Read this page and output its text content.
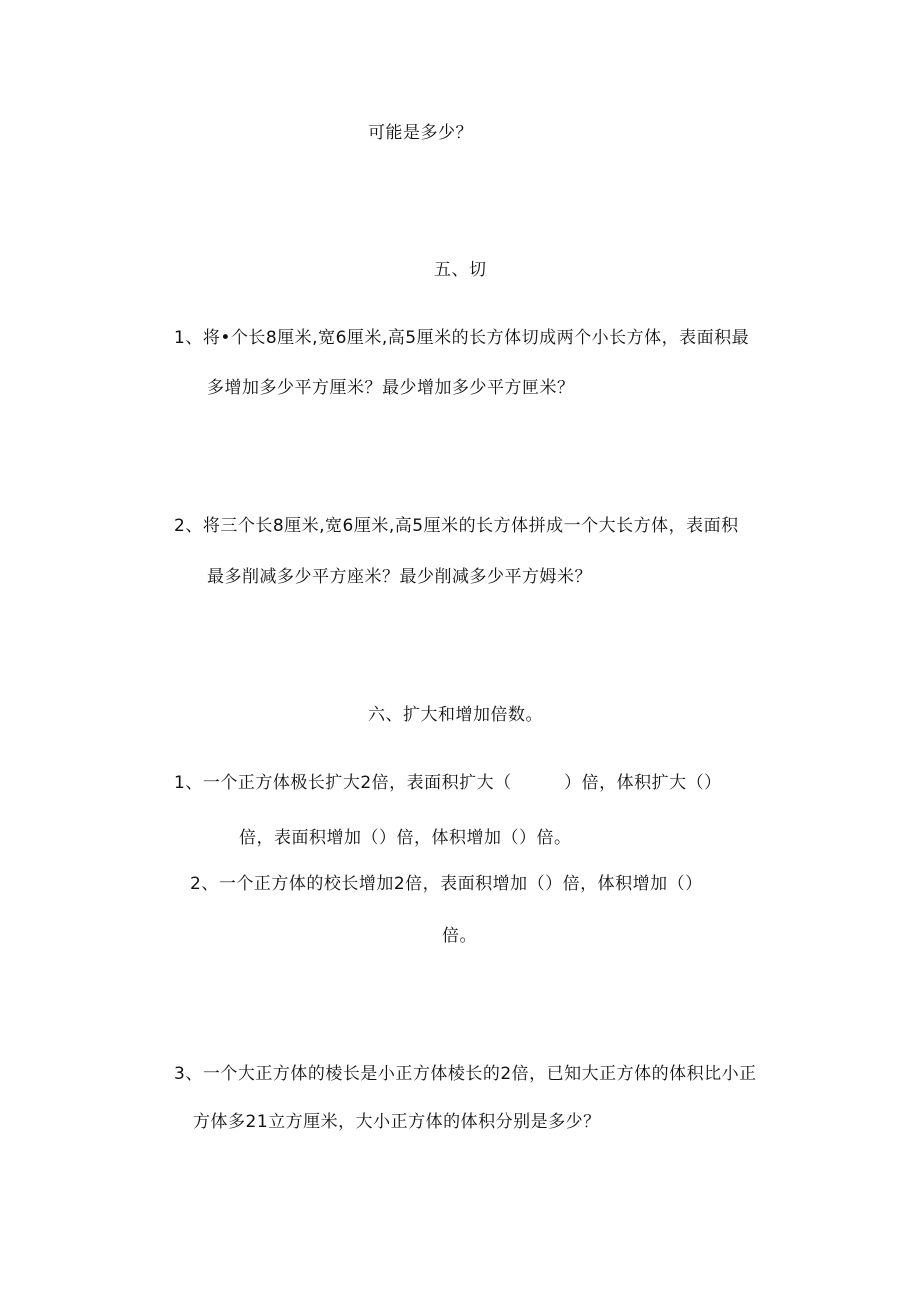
可能是多少？
五、切
1、将•个长8厘米,宽6厘米,高5厘米的长方体切成两个小长方体，表面积最
多增加多少平方厘米？最少增加多少平方匣米？
2、将三个长8厘米,宽6厘米,高5厘米的长方体拼成一个大长方体，表面积
最多削减多少平方座米？最少削减多少平方姆米？
六、扩大和增加倍数。
1、一个正方体极长扩大2倍，表面积扩大（　　　）倍，体积扩大（）
倍，表面积增加（）倍，体积增加（）倍。
2、一个正方体的校长增加2倍，表面积增加（）倍，体积增加（）
倍。
3、一个大正方体的棱长是小正方体棱长的2倍，已知大正方体的体积比小正
方体多21立方厘米，大小正方体的体积分别是多少？
